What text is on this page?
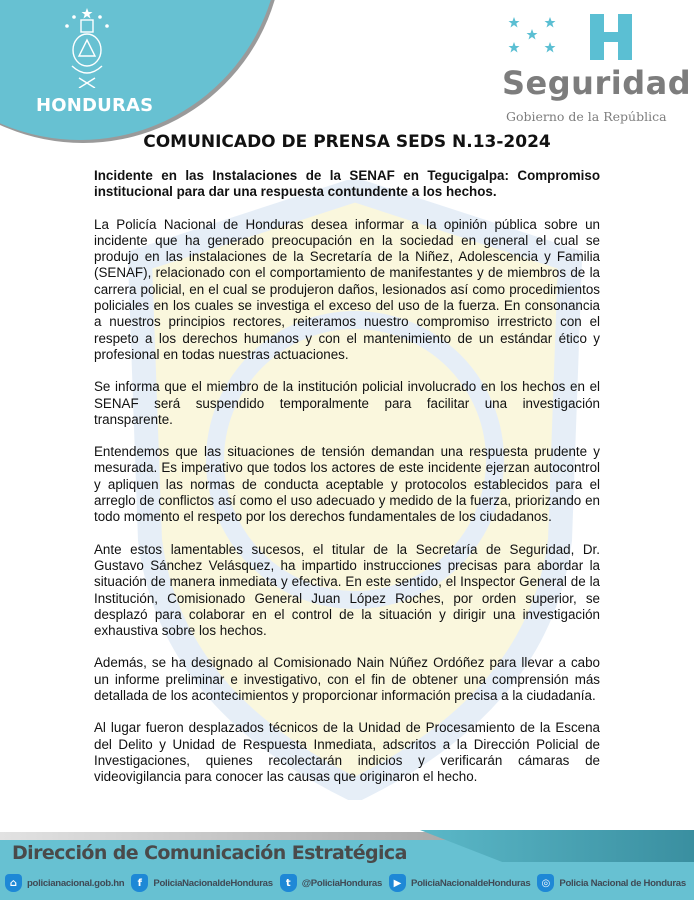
HONDURAS
Seguridad
Gobierno de la República
COMUNICADO DE PRENSA SEDS N.13-2024
Incidente en las Instalaciones de la SENAF en Tegucigalpa: Compromiso institucional para dar una respuesta contundente a los hechos.

La Policía Nacional de Honduras desea informar a la opinión pública sobre un incidente que ha generado preocupación en la sociedad en general el cual se produjo en las instalaciones de la Secretaría de la Niñez, Adolescencia y Familia (SENAF), relacionado con el comportamiento de manifestantes y de miembros de la carrera policial, en el cual se produjeron daños, lesionados así como procedimientos policiales en los cuales se investiga el exceso del uso de la fuerza. En consonancia a nuestros principios rectores, reiteramos nuestro compromiso irrestricto con el respeto a los derechos humanos y con el mantenimiento de un estándar ético y profesional en todas nuestras actuaciones.

Se informa que el miembro de la institución policial involucrado en los hechos en el SENAF será suspendido temporalmente para facilitar una investigación transparente.

Entendemos que las situaciones de tensión demandan una respuesta prudente y mesurada. Es imperativo que todos los actores de este incidente ejerzan autocontrol y apliquen las normas de conducta aceptable y protocolos establecidos para el arreglo de conflictos así como el uso adecuado y medido de la fuerza, priorizando en todo momento el respeto por los derechos fundamentales de los ciudadanos.

Ante estos lamentables sucesos, el titular de la Secretaría de Seguridad, Dr. Gustavo Sánchez Velásquez, ha impartido instrucciones precisas para abordar la situación de manera inmediata y efectiva. En este sentido, el Inspector General de la Institución, Comisionado General Juan López Roches, por orden superior, se desplazó para colaborar en el control de la situación y dirigir una investigación exhaustiva sobre los hechos.

Además, se ha designado al Comisionado Nain Núñez Ordóñez para llevar a cabo un informe preliminar e investigativo, con el fin de obtener una comprensión más detallada de los acontecimientos y proporcionar información precisa a la ciudadanía.

Al lugar fueron desplazados técnicos de la Unidad de Procesamiento de la Escena del Delito y Unidad de Respuesta Inmediata, adscritos a la Dirección Policial de Investigaciones, quienes recolectarán indicios y verificarán cámaras de videovigilancia para conocer las causas que originaron el hecho.

Dirección de Comunicación Estratégica
⌂	policianacional.gob.hn	f	PoliciaNacionaldeHonduras	t	@PoliciaHonduras	▶	PoliciaNacionaldeHonduras	◎ Policia Nacional de Honduras
